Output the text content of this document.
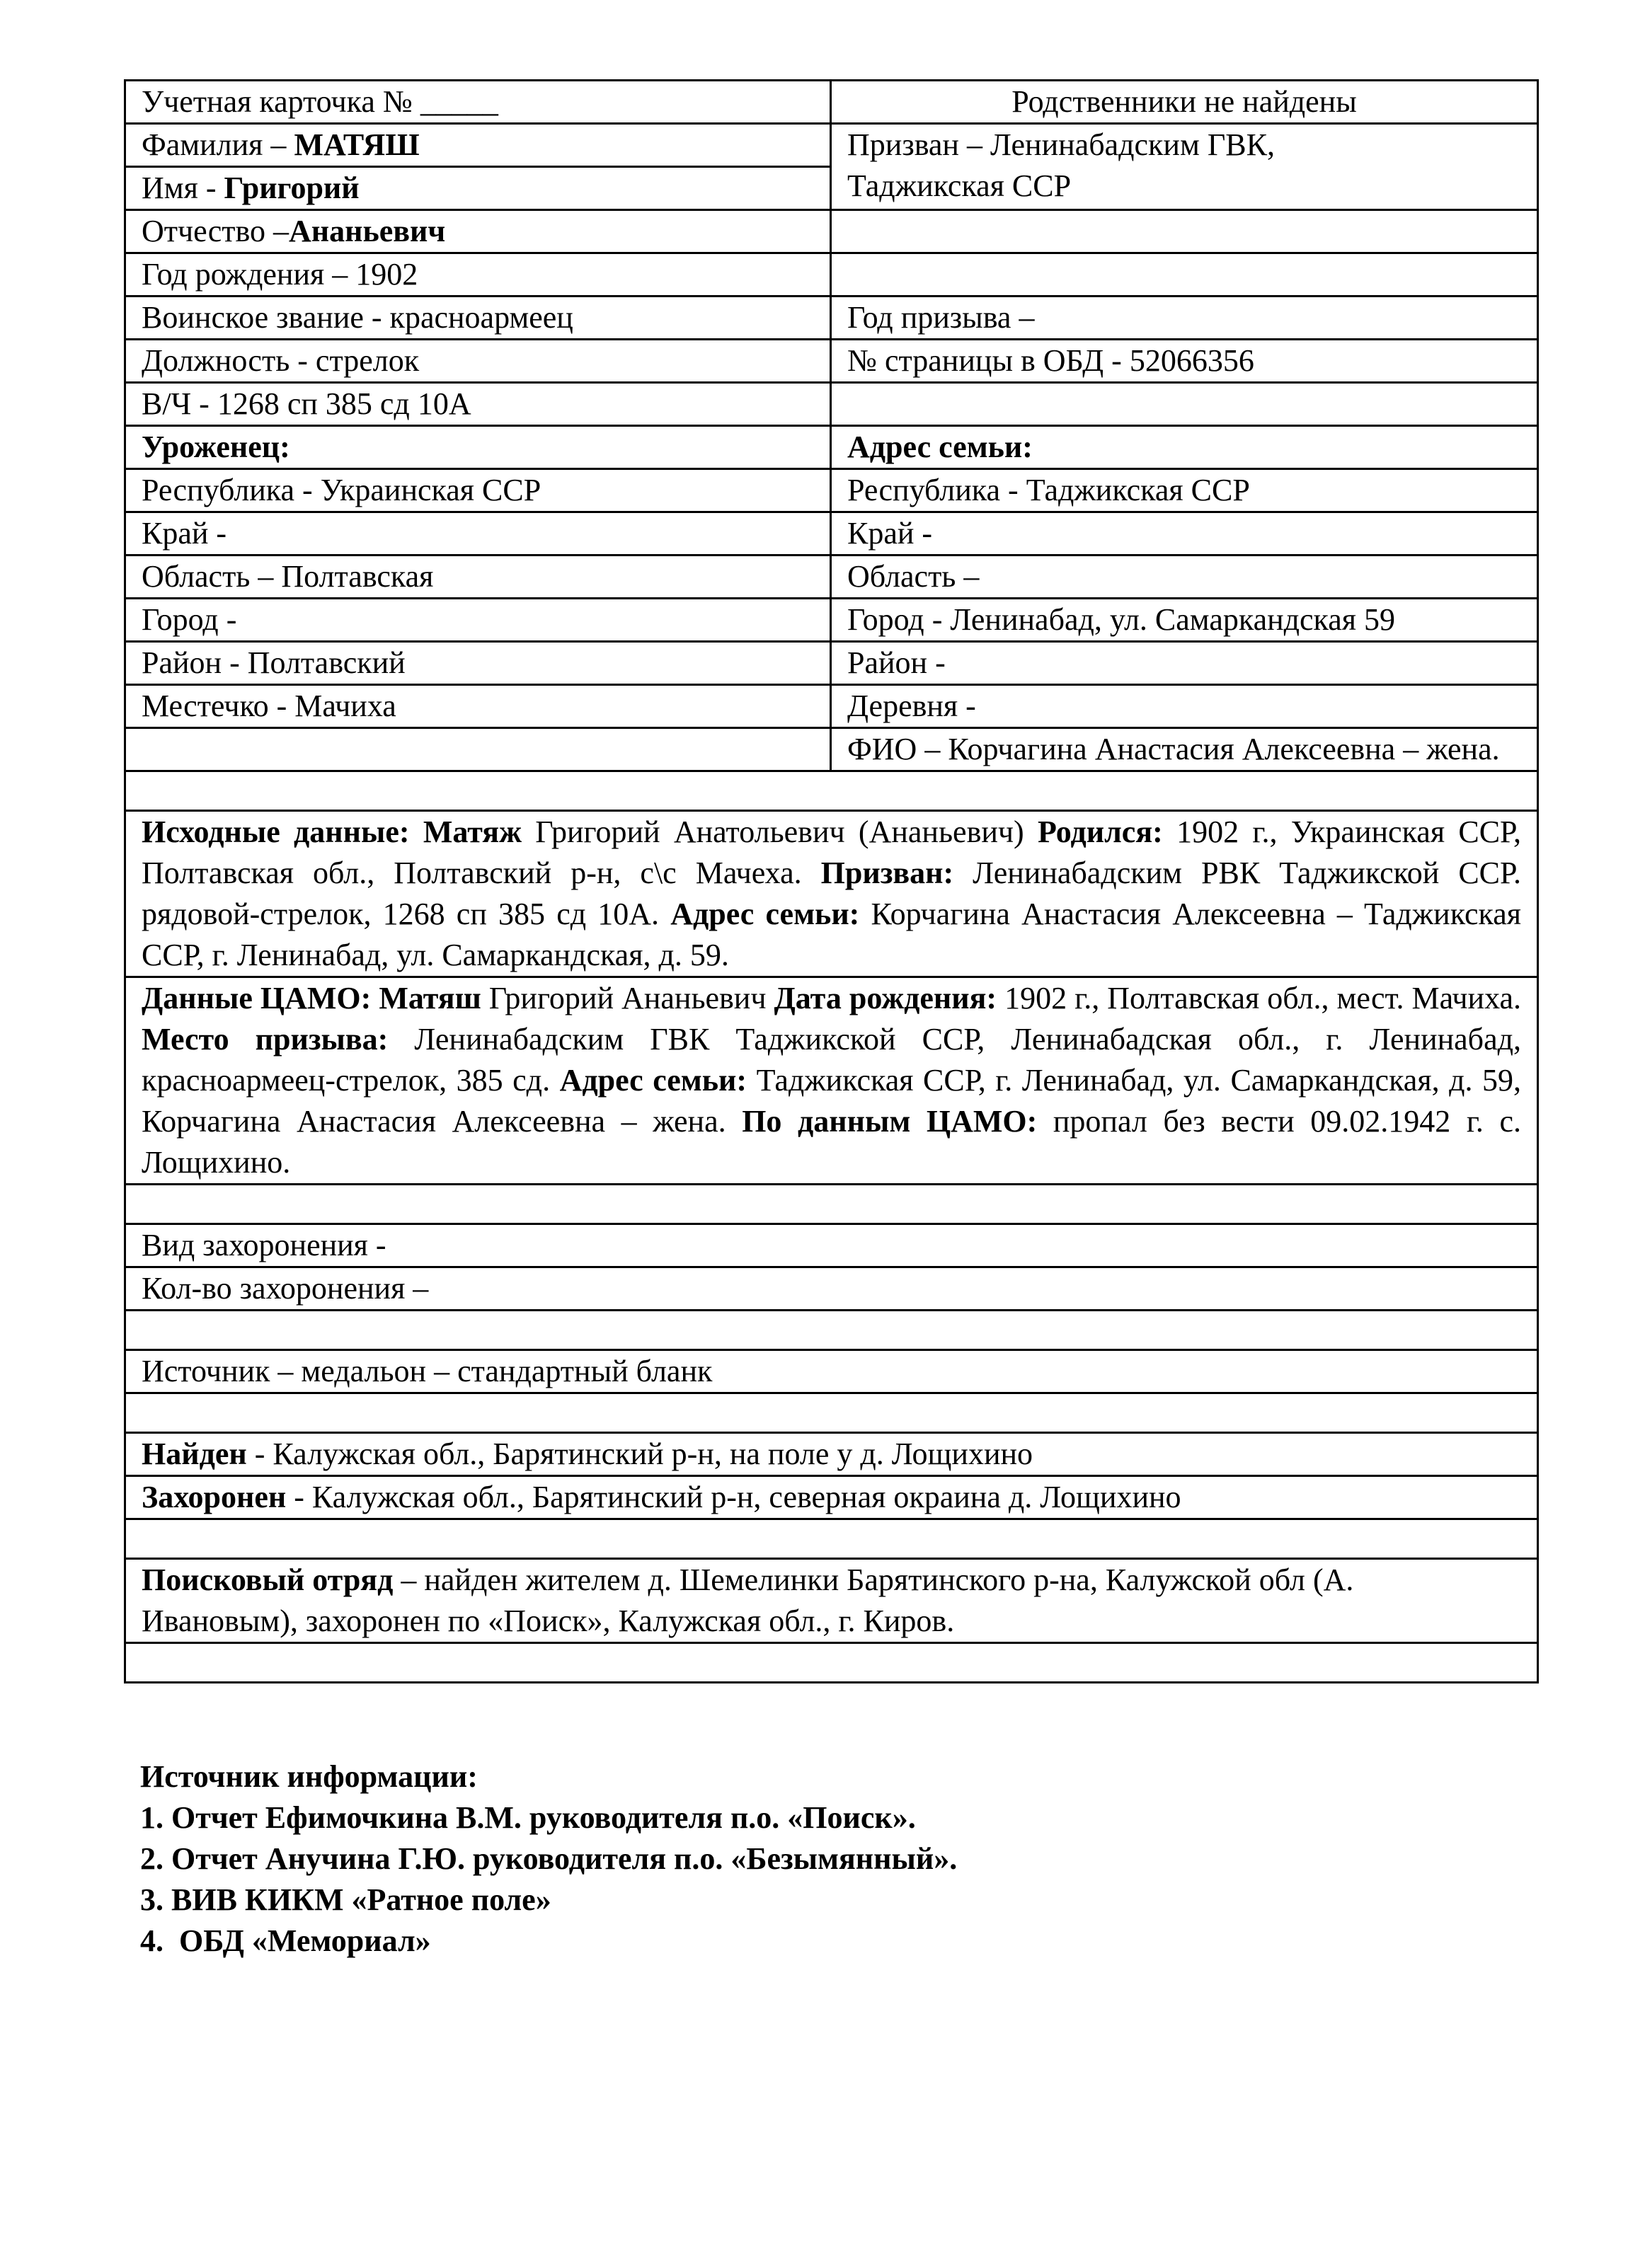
Учетная карточка № _____	Родственники не найдены
Фамилия – МАТЯШ	Призван – Ленинабадским ГВК,
Таджикская ССР

Имя - Григорий	
Отчество –Ананьевич	
Год рождения – 1902	
Воинское звание - красноармеец	Год призыва –
Должность - стрелок	№ страницы в ОБД - 52066356
В/Ч - 1268 сп 385 сд 10А	
Уроженец:	Адрес семьи:
Республика - Украинская ССР	Республика - Таджикская ССР
Край -	Край -
Область – Полтавская	Область –
Город -	Город - Ленинабад, ул. Самаркандская 59
Район - Полтавский	Район -
Местечко - Мачиха	Деревня -
	ФИО – Корчагина Анастасия Алексеевна – жена.

Исходные данные: Матяж Григорий Анатольевич (Ананьевич) Родился: 1902 г., Украинская ССР, Полтавская обл., Полтавский р-н, с\с Мачеха. Призван: Ленинабадским РВК Таджикской ССР. рядовой-стрелок, 1268 сп 385 сд 10А. Адрес семьи: Корчагина Анастасия Алексеевна – Таджикская ССР, г. Ленинабад, ул. Самаркандская, д. 59.	
Данные ЦАМО: Матяш Григорий Ананьевич Дата рождения: 1902 г., Полтавская обл., мест. Мачиха. Место призыва: Ленинабадским ГВК Таджикской ССР, Ленинабадская обл., г. Ленинабад, красноармеец-стрелок, 385 сд. Адрес семьи: Таджикская ССР, г. Ленинабад, ул. Самаркандская, д. 59, Корчагина Анастасия Алексеевна – жена. По данным ЦАМО: пропал без вести 09.02.1942 г. с. Лощихино.	

Вид захоронения -	
Кол-во захоронения –	

Источник – медальон – стандартный бланк	

Найден - Калужская обл., Барятинский р-н, на поле у д. Лощихино	
Захоронен - Калужская обл., Барятинский р-н, северная окраина д. Лощихино	

Поисковый отряд – найден жителем д. Шемелинки Барятинского р-на, Калужской обл (А. Ивановым), захоронен по «Поиск», Калужская обл., г. Киров.	

Источник информации:
1. Отчет Ефимочкина В.М. руководителя п.о. «Поиск».
2. Отчет Анучина Г.Ю. руководителя п.о. «Безымянный».
3. ВИВ КИКМ «Ратное поле»
4.  ОБД «Мемориал»
